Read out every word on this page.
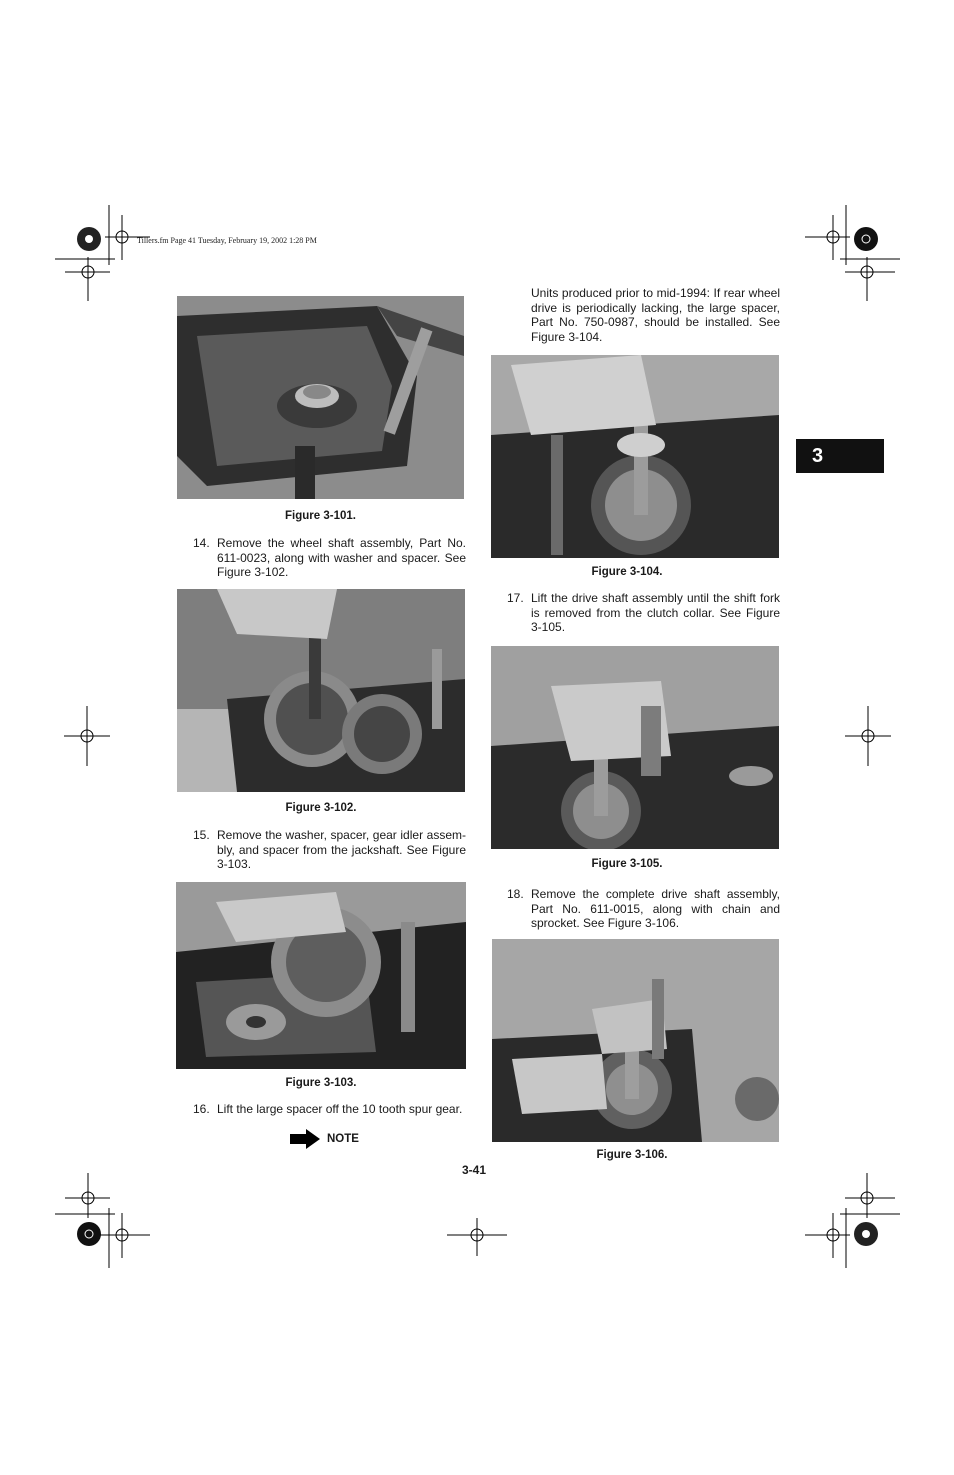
Tillers.fm Page 41 Tuesday, February 19, 2002 1:28 PM
3
Figure 3-101.
14. Remove the wheel shaft assembly, Part No. 611-0023, along with washer and spacer. See Figure 3-102.
Figure 3-102.
15. Remove the washer, spacer, gear idler assem-bly, and spacer from the jackshaft. See Figure 3-103.
Figure 3-103.
16. Lift the large spacer off the 10 tooth spur gear.
NOTE
Units produced prior to mid-1994: If rear wheel drive is periodically lacking, the large spacer, Part No. 750-0987, should be installed. See Figure 3-104.
Figure 3-104.
17. Lift the drive shaft assembly until the shift fork is removed from the clutch collar. See Figure 3-105.
Figure 3-105.
18. Remove the complete drive shaft assembly, Part No. 611-0015, along with chain and sprocket. See Figure 3-106.
Figure 3-106.
3-41
